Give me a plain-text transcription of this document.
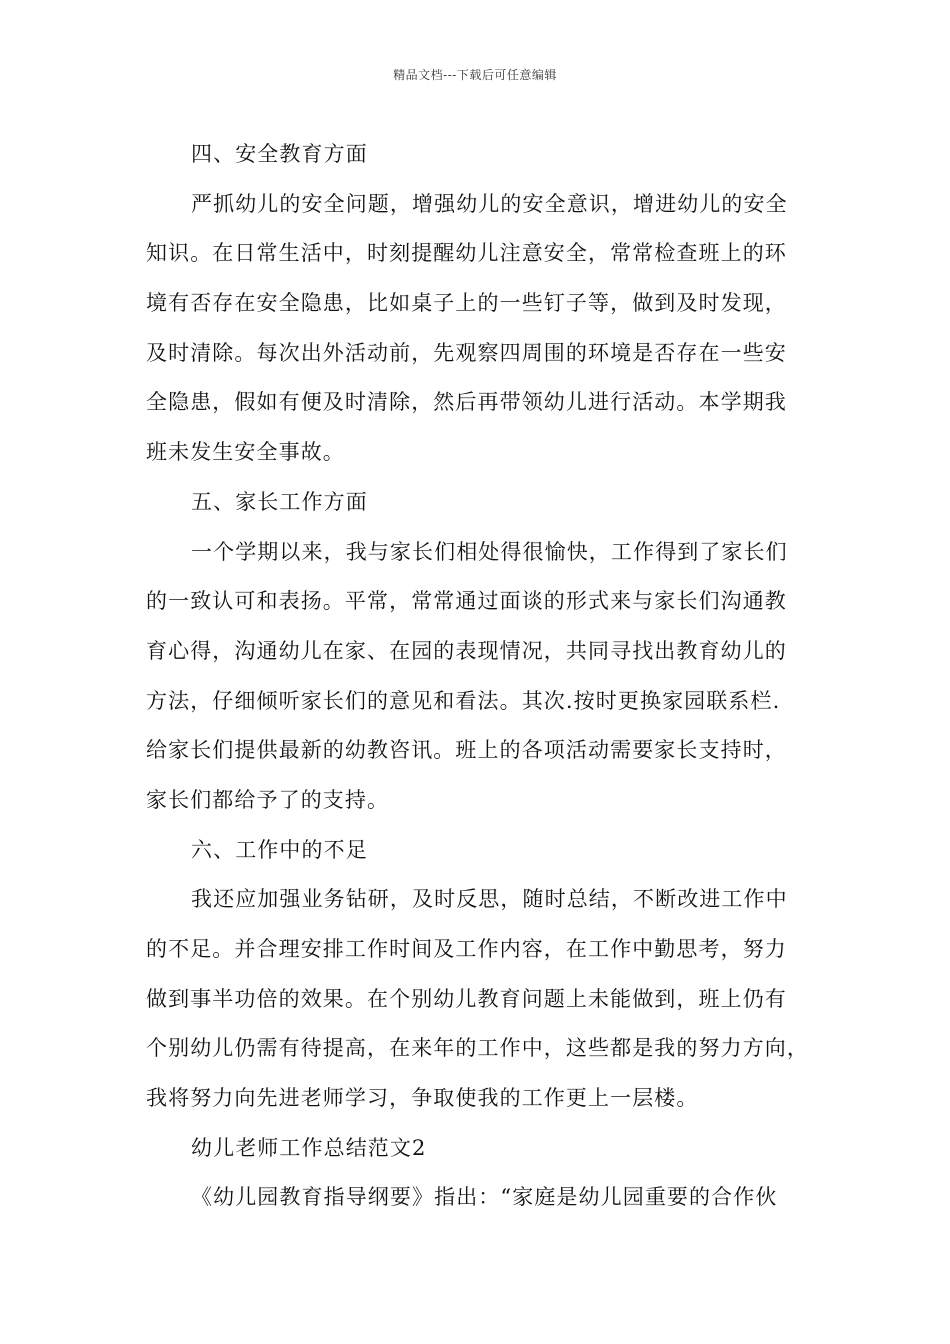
精品文档---下载后可任意编辑
四、安全教育方面
严抓幼儿的安全问题，增强幼儿的安全意识，增进幼儿的安全
知识。在日常生活中，时刻提醒幼儿注意安全，常常检查班上的环
境有否存在安全隐患，比如桌子上的一些钉子等，做到及时发现，
及时清除。每次出外活动前，先观察四周围的环境是否存在一些安
全隐患，假如有便及时清除，然后再带领幼儿进行活动。本学期我
班未发生安全事故。
五、家长工作方面
一个学期以来，我与家长们相处得很愉快，工作得到了家长们
的一致认可和表扬。平常，常常通过面谈的形式来与家长们沟通教
育心得，沟通幼儿在家、在园的表现情况，共同寻找出教育幼儿的
方法，仔细倾听家长们的意见和看法。其次.按时更换家园联系栏.
给家长们提供最新的幼教咨讯。班上的各项活动需要家长支持时，
家长们都给予了的支持。
六、工作中的不足
我还应加强业务钻研，及时反思，随时总结，不断改进工作中
的不足。并合理安排工作时间及工作内容，在工作中勤思考，努力
做到事半功倍的效果。在个别幼儿教育问题上未能做到，班上仍有
个别幼儿仍需有待提高，在来年的工作中，这些都是我的努力方向，
我将努力向先进老师学习，争取使我的工作更上一层楼。
幼儿老师工作总结范文2
《幼儿园教育指导纲要》指出：“家庭是幼儿园重要的合作伙
